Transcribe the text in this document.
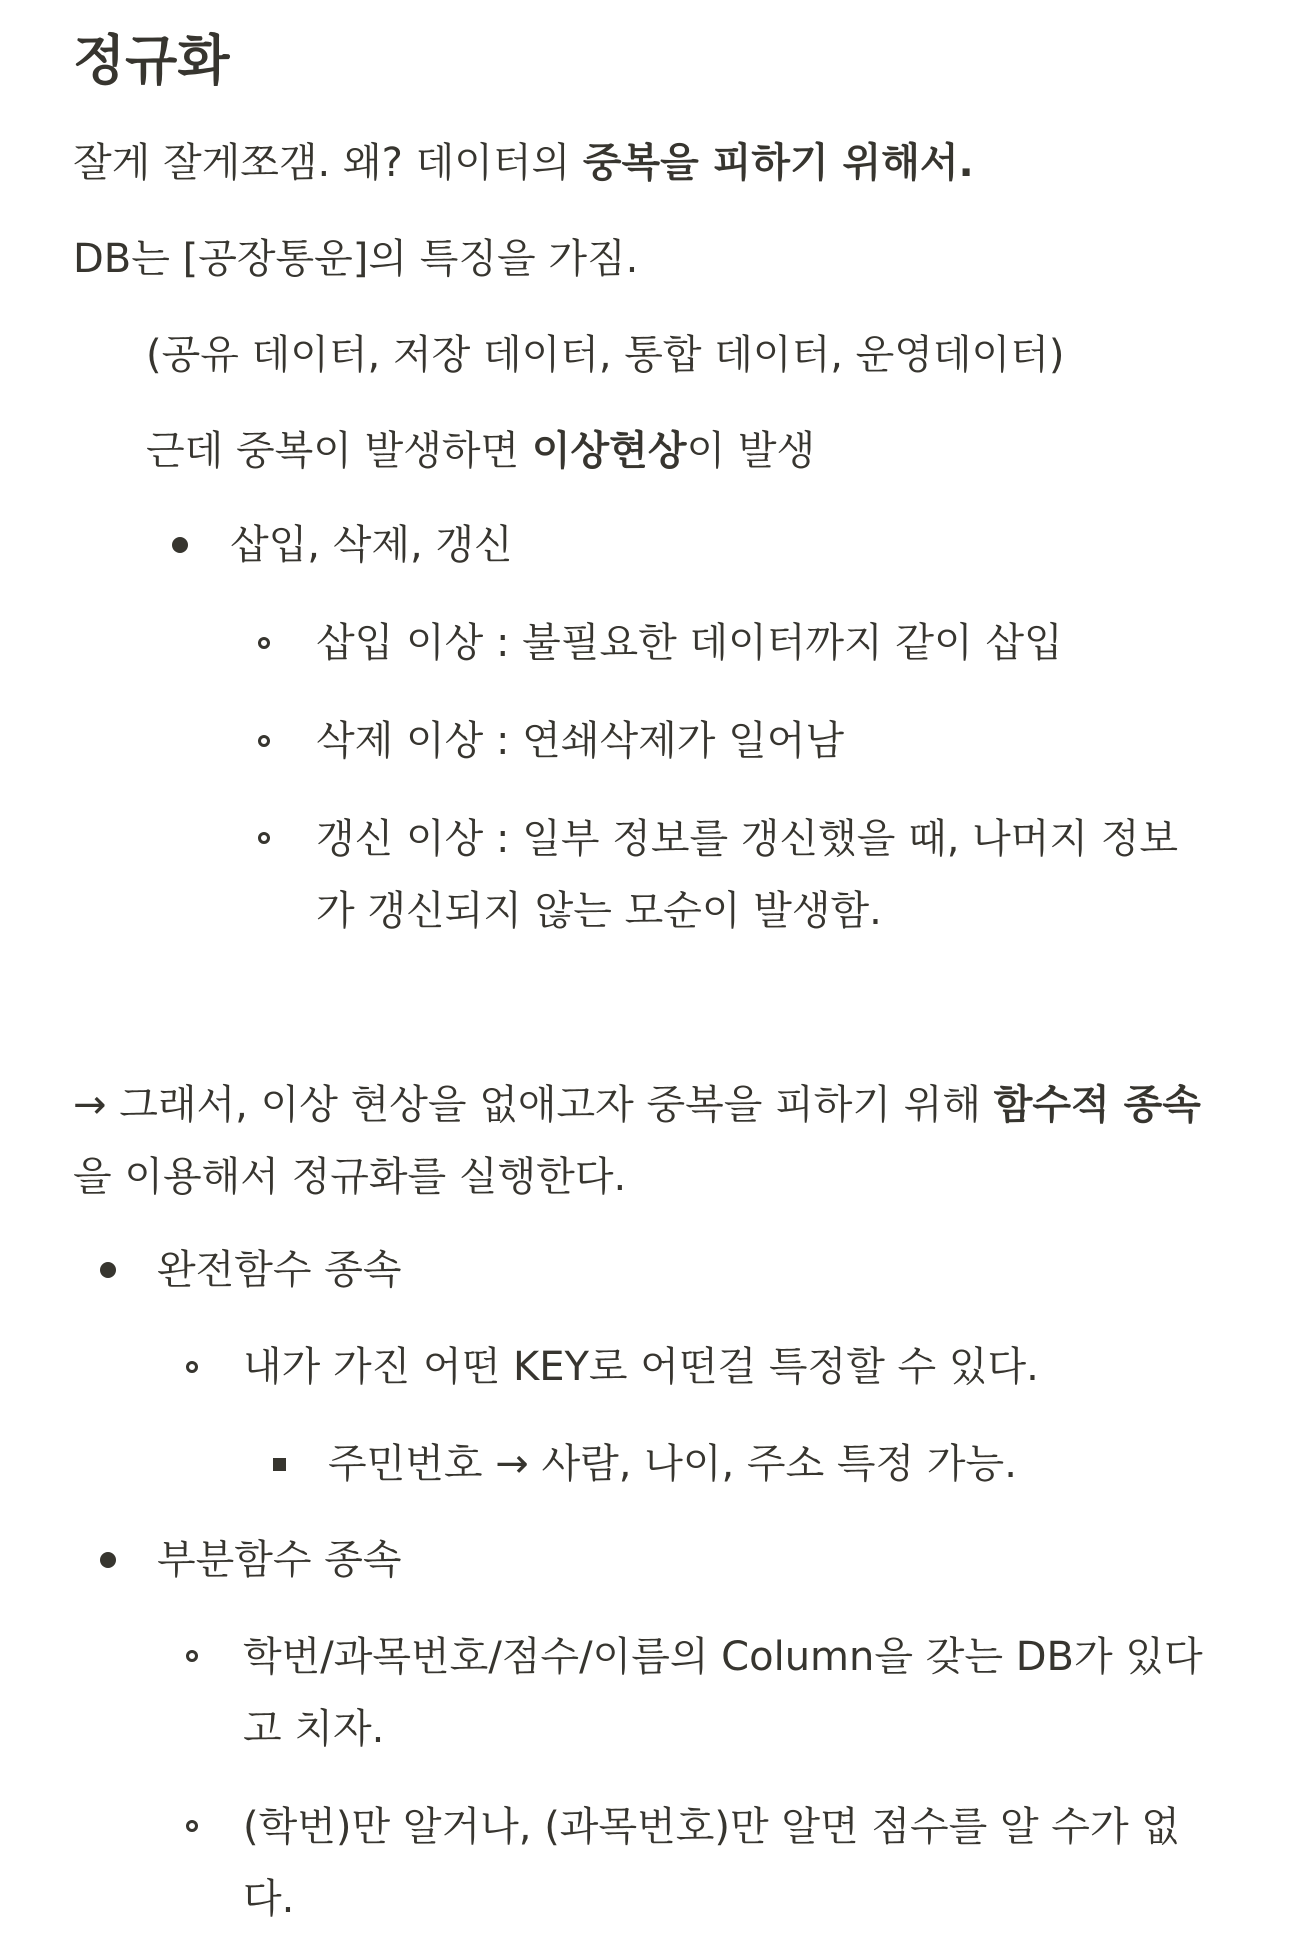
정규화

잘게 잘게쪼갬. 왜? 데이터의 중복을 피하기 위해서.

DB는 [공장통운]의 특징을 가짐.

(공유 데이터, 저장 데이터, 통합 데이터, 운영데이터)

근데 중복이 발생하면 이상현상이 발생

삽입, 삭제, 갱신

삽입 이상 : 불필요한 데이터까지 같이 삽입

삭제 이상 : 연쇄삭제가 일어남

갱신 이상 : 일부 정보를 갱신했을 때, 나머지 정보가 갱신되지 않는 모순이 발생함.

→ 그래서, 이상 현상을 없애고자 중복을 피하기 위해 함수적 종속을 이용해서 정규화를 실행한다.

완전함수 종속

내가 가진 어떤 KEY로 어떤걸 특정할 수 있다.

주민번호 → 사람, 나이, 주소 특정 가능.

부분함수 종속

학번/과목번호/점수/이름의 Column을 갖는 DB가 있다고 치자.

(학번)만 알거나, (과목번호)만 알면 점수를 알 수가 없다.
